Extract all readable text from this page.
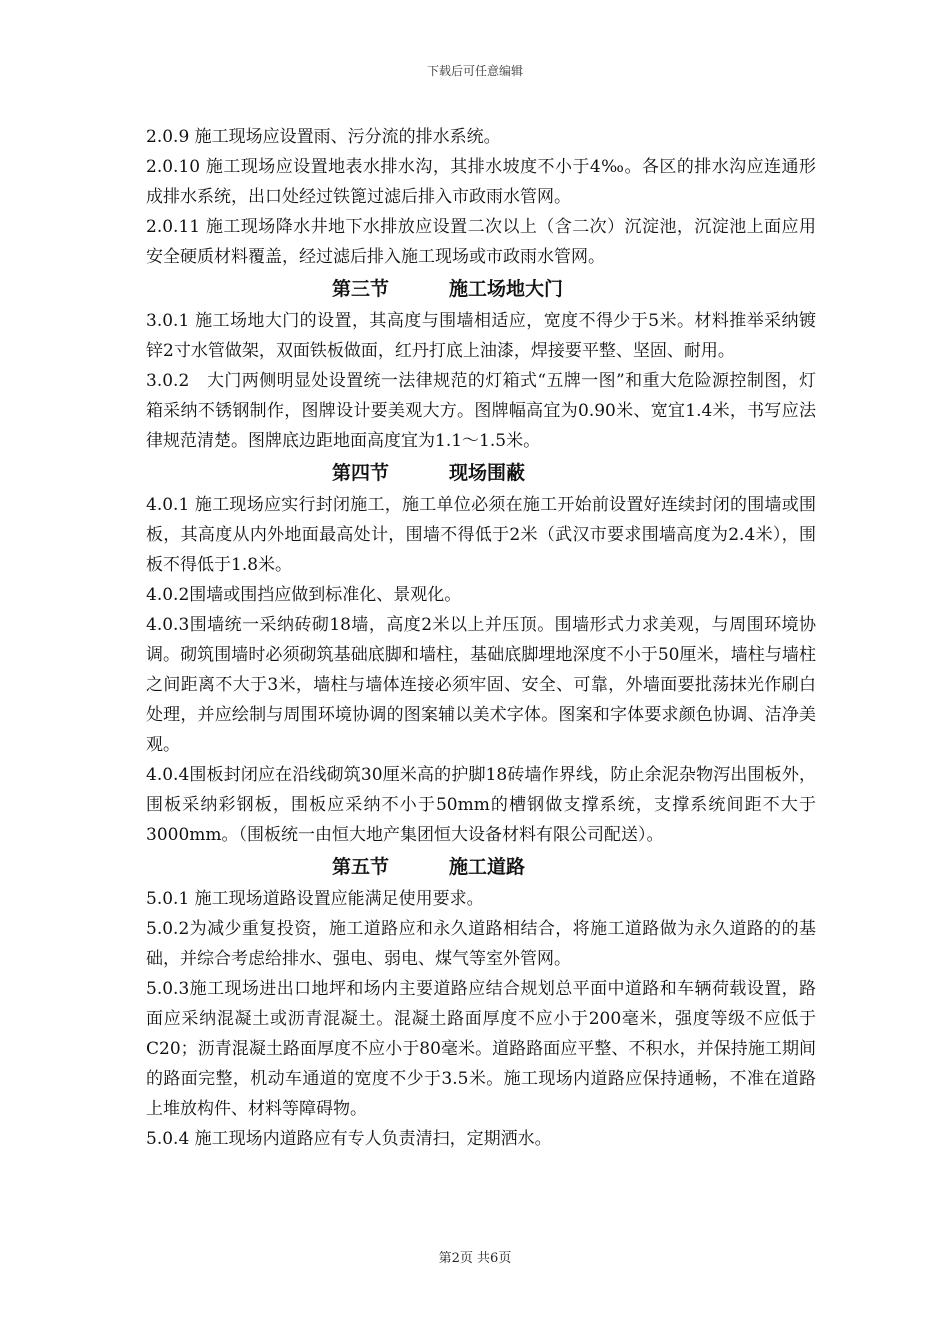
下载后可任意编辑

2.0.9 施工现场应设置雨、污分流的排水系统。

2.0.10 施工现场应设置地表水排水沟，其排水坡度不小于4‰。各区的排水沟应连通形成排水系统，出口处经过铁篦过滤后排入市政雨水管网。

2.0.11 施工现场降水井地下水排放应设置二次以上（含二次）沉淀池，沉淀池上面应用安全硬质材料覆盖，经过滤后排入施工现场或市政雨水管网。

第三节	施工场地大门

3.0.1 施工场地大门的设置，其高度与围墙相适应，宽度不得少于5米。材料推举采纳镀锌2寸水管做架，双面铁板做面，红丹打底上油漆，焊接要平整、坚固、耐用。

3.0.2　大门两侧明显处设置统一法律规范的灯箱式“五牌一图”和重大危险源控制图，灯箱采纳不锈钢制作，图牌设计要美观大方。图牌幅高宜为0.90米、宽宜1.4米，书写应法律规范清楚。图牌底边距地面高度宜为1.1～1.5米。

第四节	现场围蔽

4.0.1 施工现场应实行封闭施工，施工单位必须在施工开始前设置好连续封闭的围墙或围板，其高度从内外地面最高处计，围墙不得低于2米（武汉市要求围墙高度为2.4米），围板不得低于1.8米。

4.0.2围墙或围挡应做到标准化、景观化。

4.0.3围墙统一采纳砖砌18墙，高度2米以上并压顶。围墙形式力求美观，与周围环境协调。砌筑围墙时必须砌筑基础底脚和墙柱，基础底脚埋地深度不小于50厘米，墙柱与墙柱之间距离不大于3米，墙柱与墙体连接必须牢固、安全、可靠，外墙面要批荡抹光作刷白处理，并应绘制与周围环境协调的图案辅以美术字体。图案和字体要求颜色协调、洁净美观。

4.0.4围板封闭应在沿线砌筑30厘米高的护脚18砖墙作界线，防止余泥杂物泻出围板外，围板采纳彩钢板，围板应采纳不小于50mm的槽钢做支撑系统，支撑系统间距不大于3000mm。（围板统一由恒大地产集团恒大设备材料有限公司配送）。

第五节	施工道路

5.0.1 施工现场道路设置应能满足使用要求。

5.0.2为减少重复投资，施工道路应和永久道路相结合，将施工道路做为永久道路的的基础，并综合考虑给排水、强电、弱电、煤气等室外管网。

5.0.3施工现场进出口地坪和场内主要道路应结合规划总平面中道路和车辆荷载设置，路面应采纳混凝土或沥青混凝土。混凝土路面厚度不应小于200毫米，强度等级不应低于C20；沥青混凝土路面厚度不应小于80毫米。道路路面应平整、不积水，并保持施工期间的路面完整，机动车通道的宽度不少于3.5米。施工现场内道路应保持通畅，不准在道路上堆放构件、材料等障碍物。

5.0.4 施工现场内道路应有专人负责清扫，定期洒水。

第2页 共6页
